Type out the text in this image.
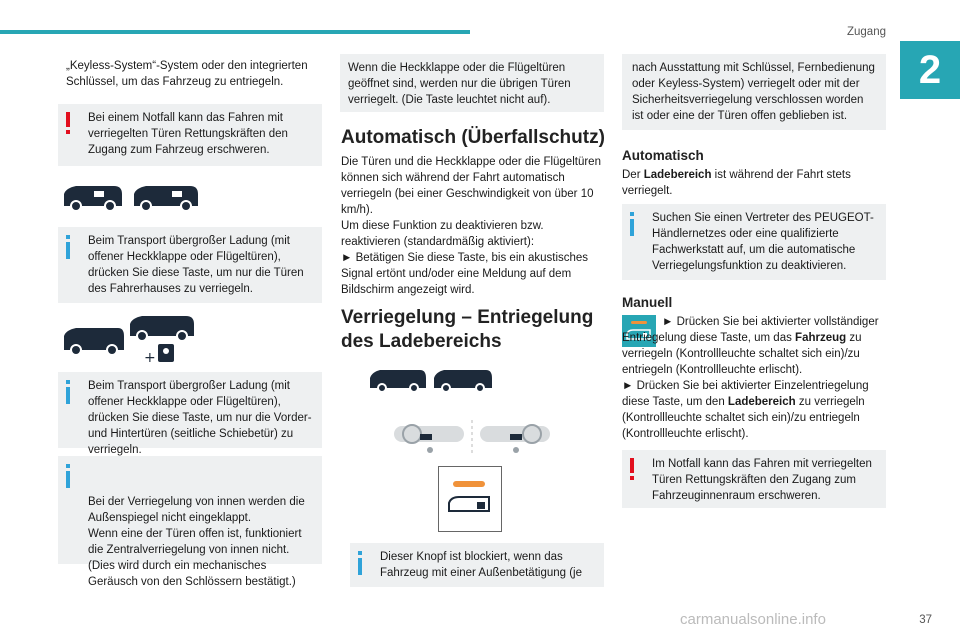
Zugang
2
„Keyless-System“-System oder den integrierten Schlüssel, um das Fahrzeug zu entriegeln.
Bei einem Notfall kann das Fahren mit verriegelten Türen Rettungskräften den Zugang zum Fahrzeug erschweren.
Beim Transport übergroßer Ladung (mit offener Heckklappe oder Flügeltüren), drücken Sie diese Taste, um nur die Türen des Fahrerhauses zu verriegeln.
+
Beim Transport übergroßer Ladung (mit offener Heckklappe oder Flügeltüren), drücken Sie diese Taste, um nur die Vorder- und Hintertüren (seitliche Schiebetür) zu verriegeln.

Bei der Verriegelung von innen werden die Außenspiegel nicht eingeklappt.
Wenn eine der Türen offen ist, funktioniert die Zentralverriegelung von innen nicht. (Dies wird durch ein mechanisches Geräusch von den Schlössern bestätigt.)

Wenn die Heckklappe oder die Flügeltüren geöffnet sind, werden nur die übrigen Türen verriegelt. (Die Taste leuchtet nicht auf).
Automatisch (Überfallschutz)
Die Türen und die Heckklappe oder die Flügeltüren können sich während der Fahrt automatisch verriegeln (bei einer Geschwindigkeit von über 10 km/h).
Um diese Funktion zu deaktivieren bzw. reaktivieren (standardmäßig aktiviert):
► Betätigen Sie diese Taste, bis ein akustisches Signal ertönt und/oder eine Meldung auf dem Bildschirm angezeigt wird.
Verriegelung – Entriegelung
des Ladebereichs
Dieser Knopf ist blockiert, wenn das Fahrzeug mit einer Außenbetätigung (je
nach Ausstattung mit Schlüssel, Fernbedienung oder Keyless-System) verriegelt oder mit der Sicherheitsverriegelung verschlossen worden ist oder eine der Türen offen geblieben ist.
Automatisch
Der Ladebereich ist während der Fahrt stets verriegelt.
Suchen Sie einen Vertreter des PEUGEOT-Händlernetzes oder eine qualifizierte Fachwerkstatt auf, um die automatische Verriegelungsfunktion zu deaktivieren.
Manuell
► Drücken Sie bei aktivierter vollständiger Entriegelung diese Taste, um das Fahrzeug zu verriegeln (Kontrollleuchte schaltet sich ein)/zu entriegeln (Kontrollleuchte erlischt).
► Drücken Sie bei aktivierter Einzelentriegelung diese Taste, um den Ladebereich zu verriegeln (Kontrollleuchte schaltet sich ein)/zu entriegeln (Kontrollleuchte erlischt).
Im Notfall kann das Fahren mit verriegelten Türen Rettungskräften den Zugang zum Fahrzeuginnenraum erschweren.
carmanualsonline.info	37
